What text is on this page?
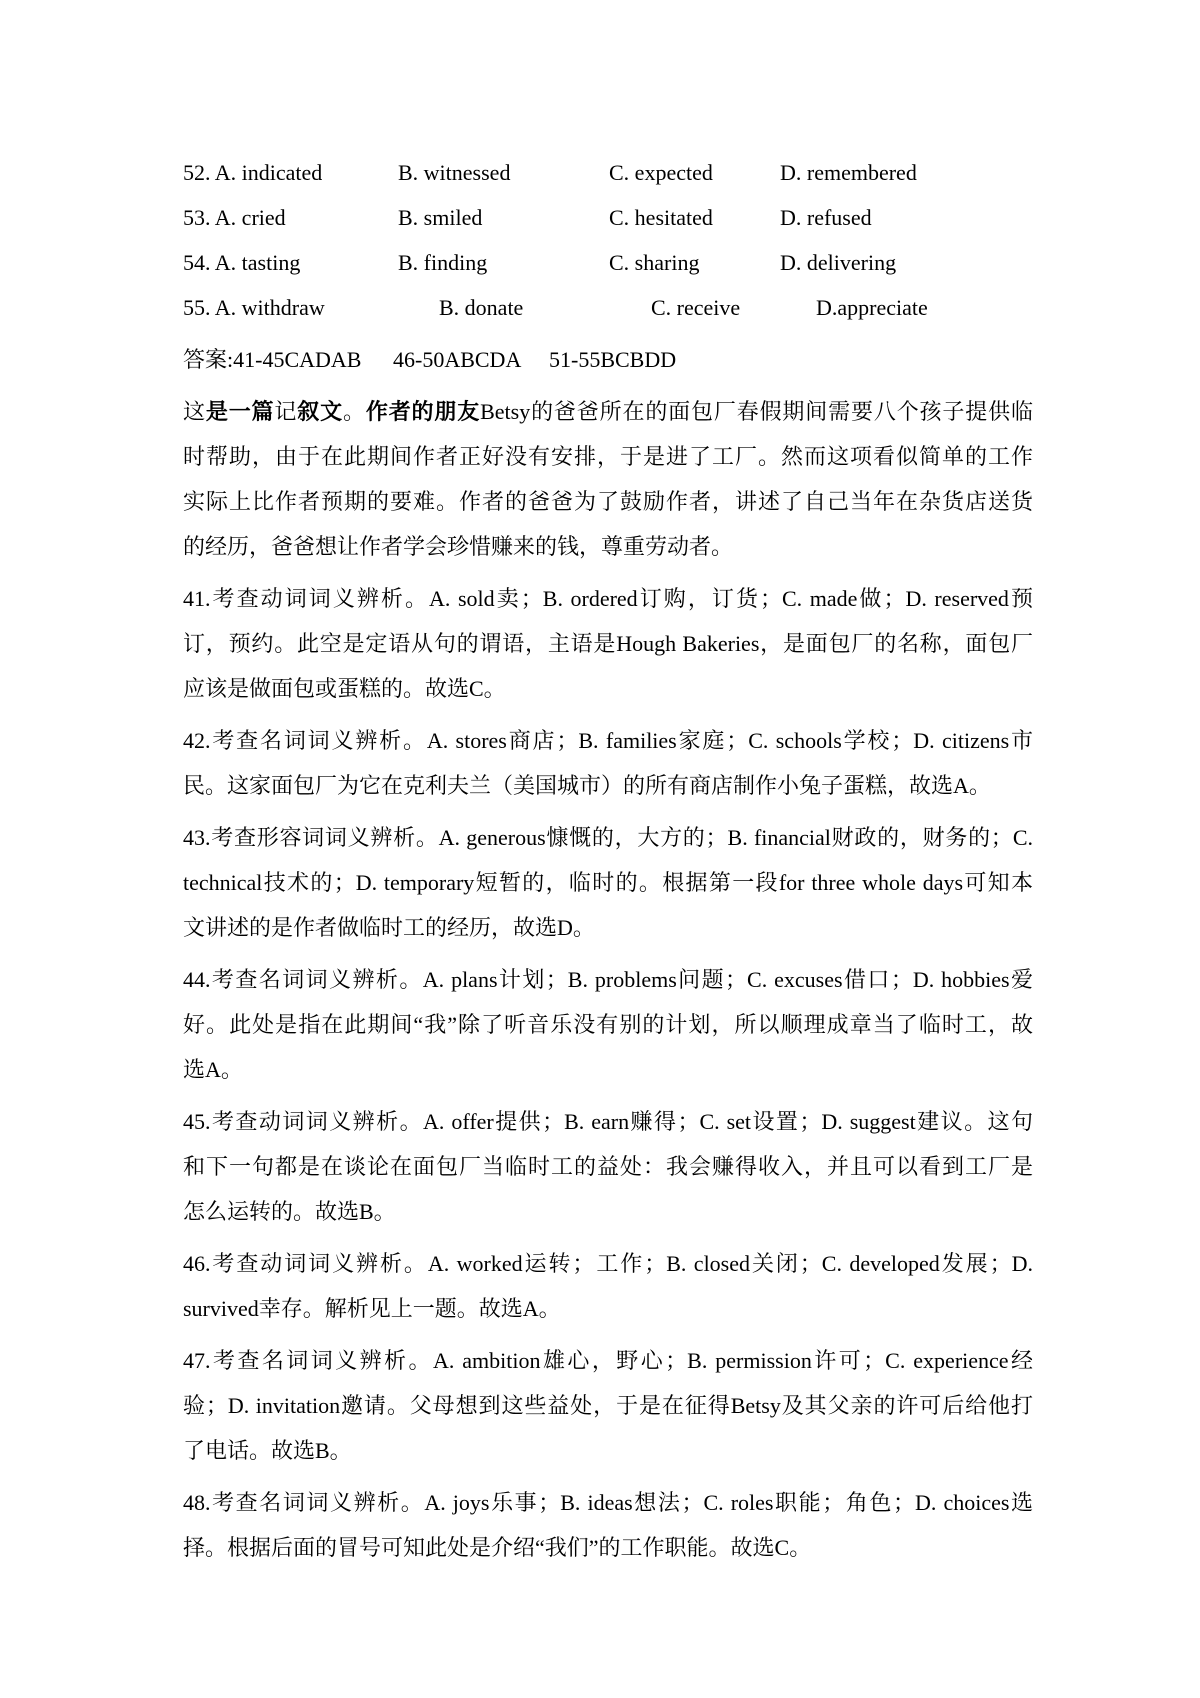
52. A. indicated	B. witnessed	C. expected	D. remembered
53. A. cried	B. smiled	C. hesitated	D. refused
54. A. tasting	B. finding	C. sharing	D. delivering
55. A. withdraw	B. donate	C. receive	D.appreciate
答案:41-45CADAB 46-50ABCDA 51-55BCBDD
这是一篇记叙文。作者的朋友Betsy的爸爸所在的面包厂春假期间需要八个孩子提供临
时帮助，由于在此期间作者正好没有安排，于是进了工厂。然而这项看似简单的工作
实际上比作者预期的要难。作者的爸爸为了鼓励作者，讲述了自己当年在杂货店送货
的经历，爸爸想让作者学会珍惜赚来的钱，尊重劳动者。
41.考查动词词义辨析。A. sold卖；B. ordered订购，订货；C. made做；D. reserved预
订，预约。此空是定语从句的谓语，主语是Hough Bakeries，是面包厂的名称，面包厂
应该是做面包或蛋糕的。故选C。
42.考查名词词义辨析。A. stores商店；B. families家庭；C. schools学校；D. citizens市
民。这家面包厂为它在克利夫兰（美国城市）的所有商店制作小兔子蛋糕，故选A。
43.考查形容词词义辨析。A. generous慷慨的，大方的；B. financial财政的，财务的；C.
technical技术的；D. temporary短暂的，临时的。根据第一段for three whole days可知本
文讲述的是作者做临时工的经历，故选D。
44.考查名词词义辨析。A. plans计划；B. problems问题；C. excuses借口；D. hobbies爱
好。此处是指在此期间“我”除了听音乐没有别的计划，所以顺理成章当了临时工，故
选A。
45.考查动词词义辨析。A. offer提供；B. earn赚得；C. set设置；D. suggest建议。这句
和下一句都是在谈论在面包厂当临时工的益处：我会赚得收入，并且可以看到工厂是
怎么运转的。故选B。
46.考查动词词义辨析。A. worked运转；工作；B. closed关闭；C. developed发展；D.
survived幸存。解析见上一题。故选A。
47.考查名词词义辨析。A. ambition雄心，野心；B. permission许可；C. experience经
验；D. invitation邀请。父母想到这些益处，于是在征得Betsy及其父亲的许可后给他打
了电话。故选B。
48.考查名词词义辨析。A. joys乐事；B. ideas想法；C. roles职能；角色；D. choices选
择。根据后面的冒号可知此处是介绍“我们”的工作职能。故选C。
